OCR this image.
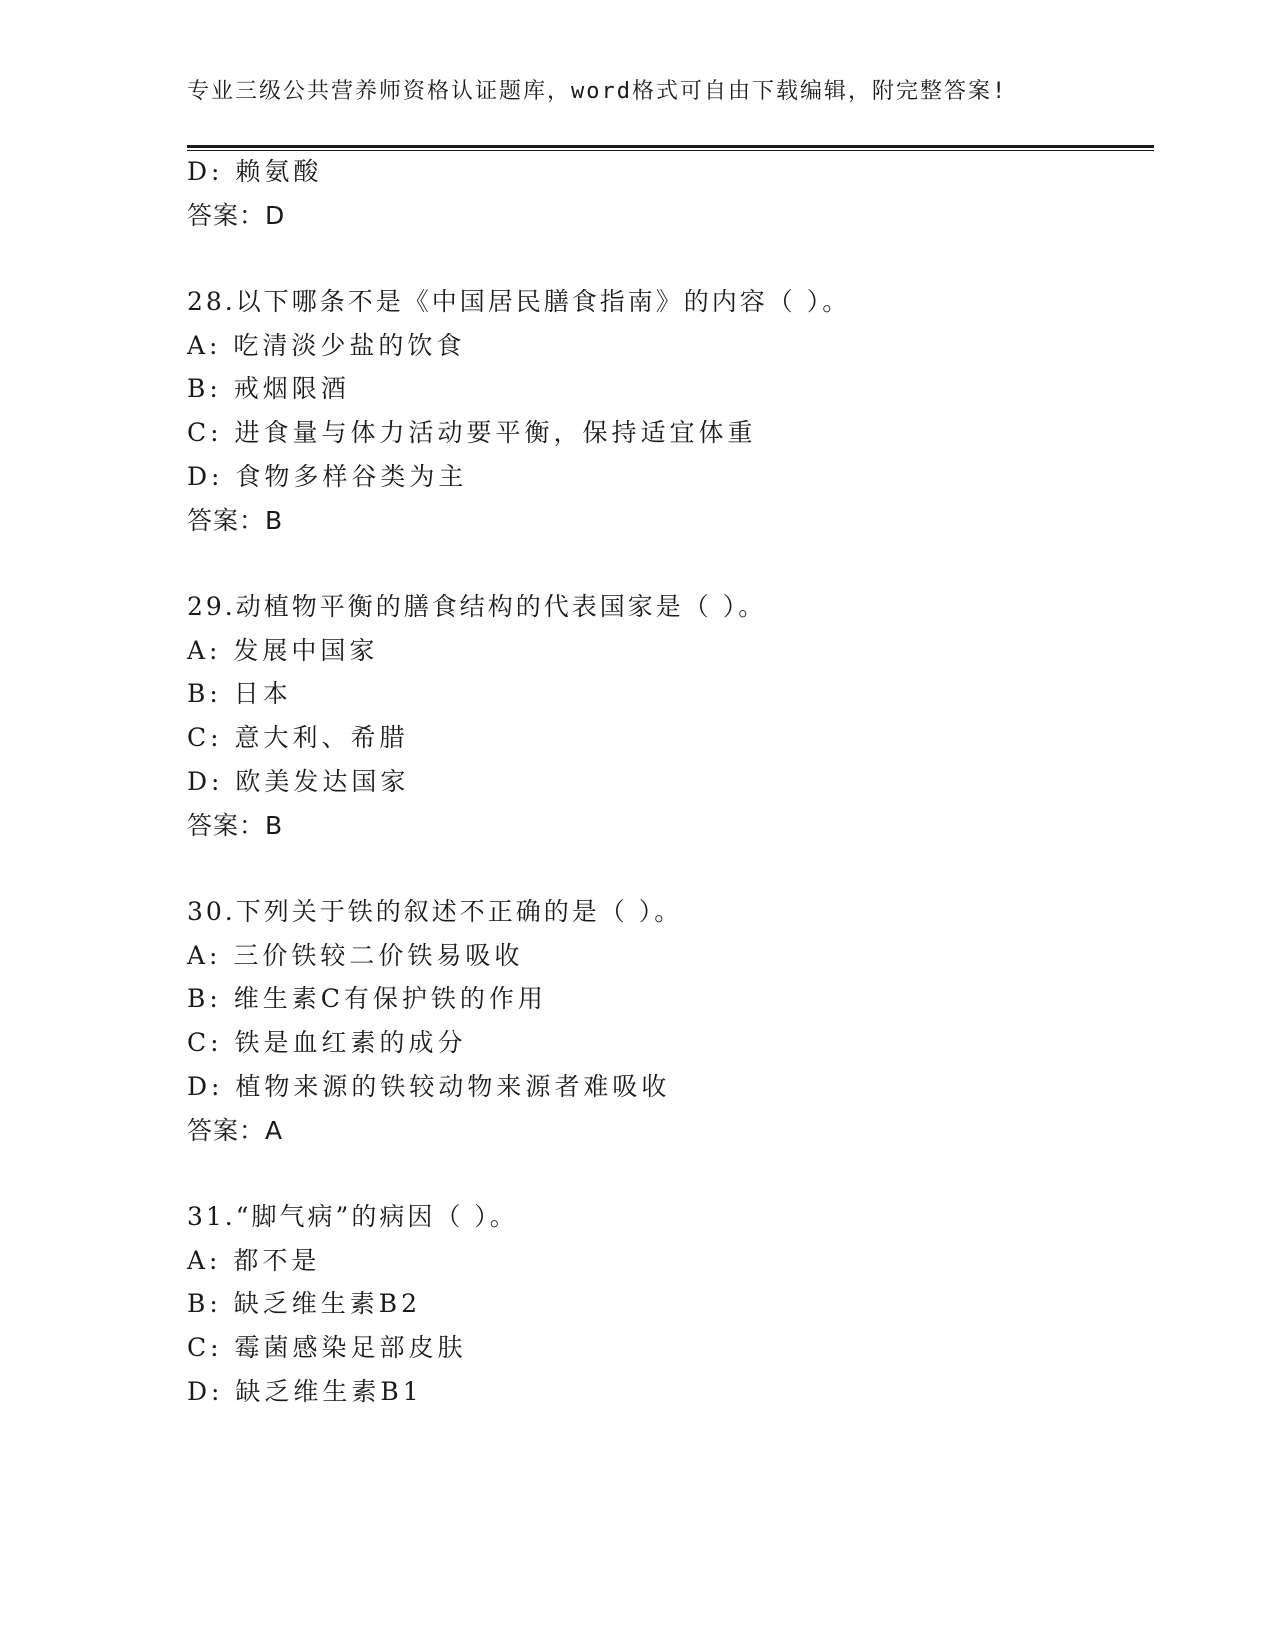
专业三级公共营养师资格认证题库，word格式可自由下载编辑，附完整答案!
D: 赖氨酸
答案：D
28.以下哪条不是《中国居民膳食指南》的内容（ ）。
A: 吃清淡少盐的饮食
B: 戒烟限酒
C: 进食量与体力活动要平衡，保持适宜体重
D: 食物多样谷类为主
答案：B
29.动植物平衡的膳食结构的代表国家是（ ）。
A: 发展中国家
B: 日本
C: 意大利、希腊
D: 欧美发达国家
答案：B
30.下列关于铁的叙述不正确的是（ ）。
A: 三价铁较二价铁易吸收
B: 维生素C有保护铁的作用
C: 铁是血红素的成分
D: 植物来源的铁较动物来源者难吸收
答案：A
31.“脚气病”的病因（ ）。
A: 都不是
B: 缺乏维生素B2
C: 霉菌感染足部皮肤
D: 缺乏维生素B1
